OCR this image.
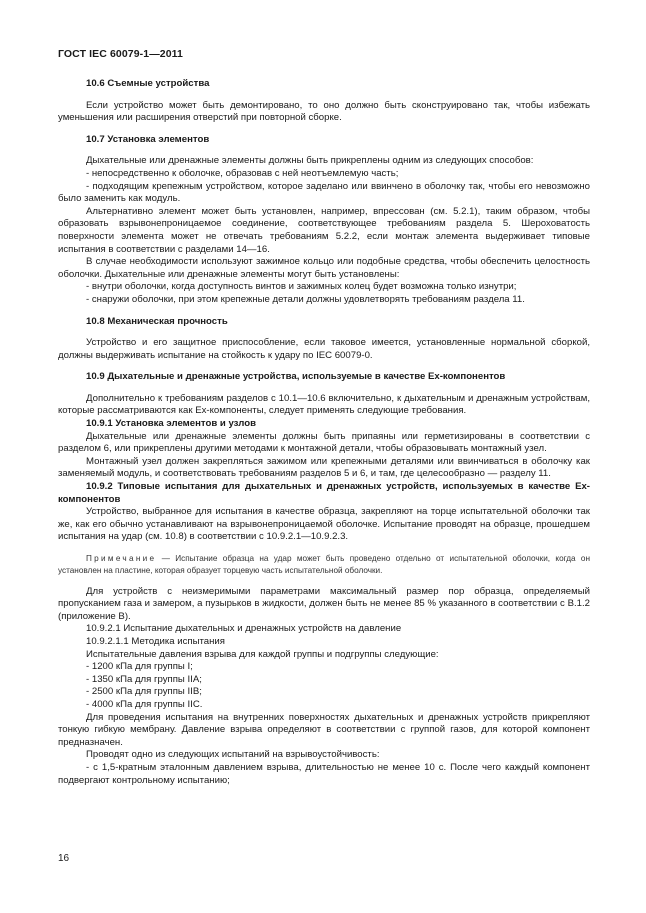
ГОСТ IEC 60079-1—2011
10.6 Съемные устройства

Если устройство может быть демонтировано, то оно должно быть сконструировано так, чтобы избежать уменьшения или расширения отверстий при повторной сборке.

10.7 Установка элементов

Дыхательные или дренажные элементы должны быть прикреплены одним из следующих способов:

- непосредственно к оболочке, образовав с ней неотъемлемую часть;

- подходящим крепежным устройством, которое заделано или ввинчено в оболочку так, чтобы его невозможно было заменить как модуль.

Альтернативно элемент может быть установлен, например, впрессован (см. 5.2.1), таким образом, чтобы образовать взрывонепроницаемое соединение, соответствующее требованиям раздела 5. Шероховатость поверхности элемента может не отвечать требованиям 5.2.2, если монтаж элемента выдерживает типовые испытания в соответствии с разделами 14—16.

В случае необходимости используют зажимное кольцо или подобные средства, чтобы обеспечить целостность оболочки. Дыхательные или дренажные элементы могут быть установлены:

- внутри оболочки, когда доступность винтов и зажимных колец будет возможна только изнутри;

- снаружи оболочки, при этом крепежные детали должны удовлетворять требованиям раздела 11.

10.8 Механическая прочность

Устройство и его защитное приспособление, если таковое имеется, установленные нормальной сборкой, должны выдерживать испытание на стойкость к удару по IEC 60079-0.

10.9 Дыхательные и дренажные устройства, используемые в качестве Ex-компонентов

Дополнительно к требованиям разделов с 10.1—10.6 включительно, к дыхательным и дренажным устройствам, которые рассматриваются как Ex-компоненты, следует применять следующие требования.

10.9.1 Установка элементов и узлов

Дыхательные или дренажные элементы должны быть припаяны или герметизированы в соответствии с разделом 6, или прикреплены другими методами к монтажной детали, чтобы образовывать монтажный узел.

Монтажный узел должен закрепляться зажимом или крепежными деталями или ввинчиваться в оболочку как заменяемый модуль, и соответствовать требованиям разделов 5 и 6, и там, где целесообразно — разделу 11.

10.9.2 Типовые испытания для дыхательных и дренажных устройств, используемых в качестве Ex-компонентов

Устройство, выбранное для испытания в качестве образца, закрепляют на торце испытательной оболочки так же, как его обычно устанавливают на взрывонепроницаемой оболочке. Испытание проводят на образце, прошедшем испытания на удар (см. 10.8) в соответствии с 10.9.2.1—10.9.2.3.

Примечание — Испытание образца на удар может быть проведено отдельно от испытательной оболочки, когда он установлен на пластине, которая образует торцевую часть испытательной оболочки.

Для устройств с неизмеримыми параметрами максимальный размер пор образца, определяемый пропусканием газа и замером, а пузырьков в жидкости, должен быть не менее 85 % указанного в соответствии с В.1.2 (приложение В).

10.9.2.1 Испытание дыхательных и дренажных устройств на давление

10.9.2.1.1 Методика испытания

Испытательные давления взрыва для каждой группы и подгруппы следующие:

- 1200 кПа для группы I;

- 1350 кПа для группы IIA;

- 2500 кПа для группы IIB;

- 4000 кПа для группы IIC.

Для проведения испытания на внутренних поверхностях дыхательных и дренажных устройств прикрепляют тонкую гибкую мембрану. Давление взрыва определяют в соответствии с группой газов, для которой компонент предназначен.

Проводят одно из следующих испытаний на взрывоустойчивость:

- с 1,5-кратным эталонным давлением взрыва, длительностью не менее 10 с. После чего каждый компонент подвергают контрольному испытанию;

16
